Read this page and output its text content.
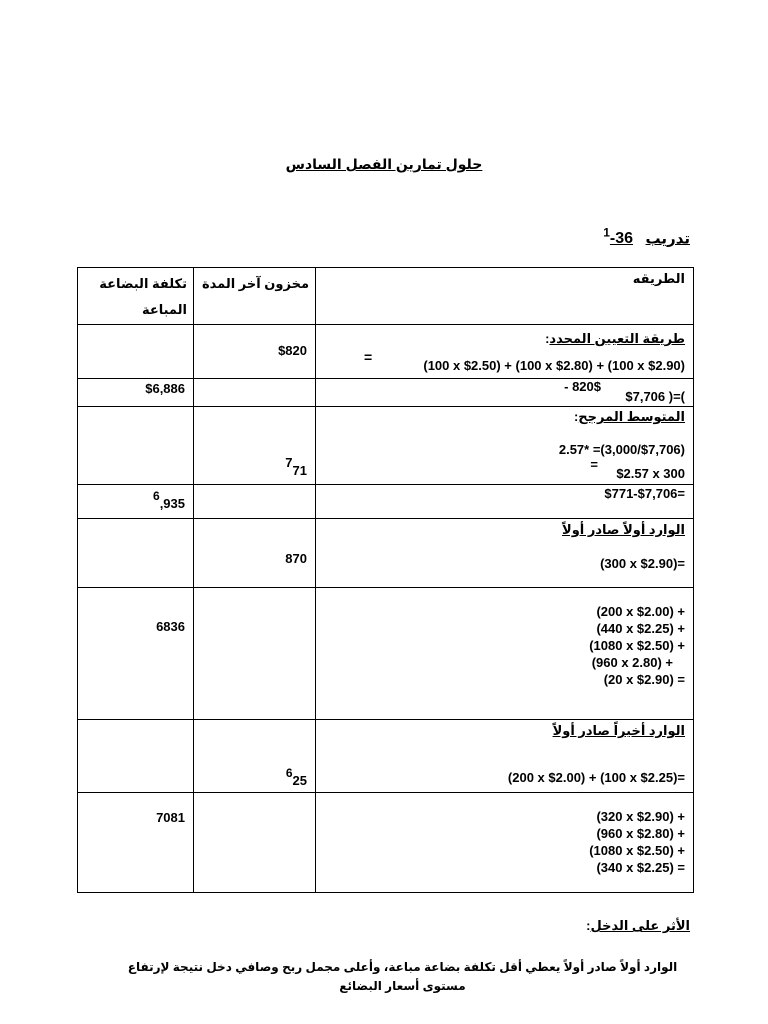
حلول تمارين الفصل السادس
تدريب   $^1$-36
تكلفة البضاعة المباعة	مخزون آخر المدة	الطريقه

	$820	طريقة التعيين المحدد:
=
(100 x $2.50) + (100 x $2.80) + (100 x $2.90)

$6,886		- 820$
$7,706 )=(

	771	المتوسط المرجح:
2.57* =(3,000/$7,706)
=
$2.57 x 300

6,935		$771-$7,706=

	870	الوارد أولاً صادر أولاً
(300 x $2.90)=

6836		(200 x $2.00) +
(440 x $2.25) +
(1080 x $2.50) +
(960 x 2.80) +
(20 x $2.90) =

	625	الوارد أخيراً صادر أولاً
(200 x $2.00) + (100 x $2.25)=

7081		(320 x $2.90) +
(960 x $2.80) +
(1080 x $2.50) +
(340 x $2.25) =
الأثر على الدخل:
الوارد أولاً صادر أولاً يعطي أقل تكلفة بضاعة مباعة، وأعلى مجمل ربح وصافي دخل نتيجة لإرتفاع مستوى أسعار البضائع
